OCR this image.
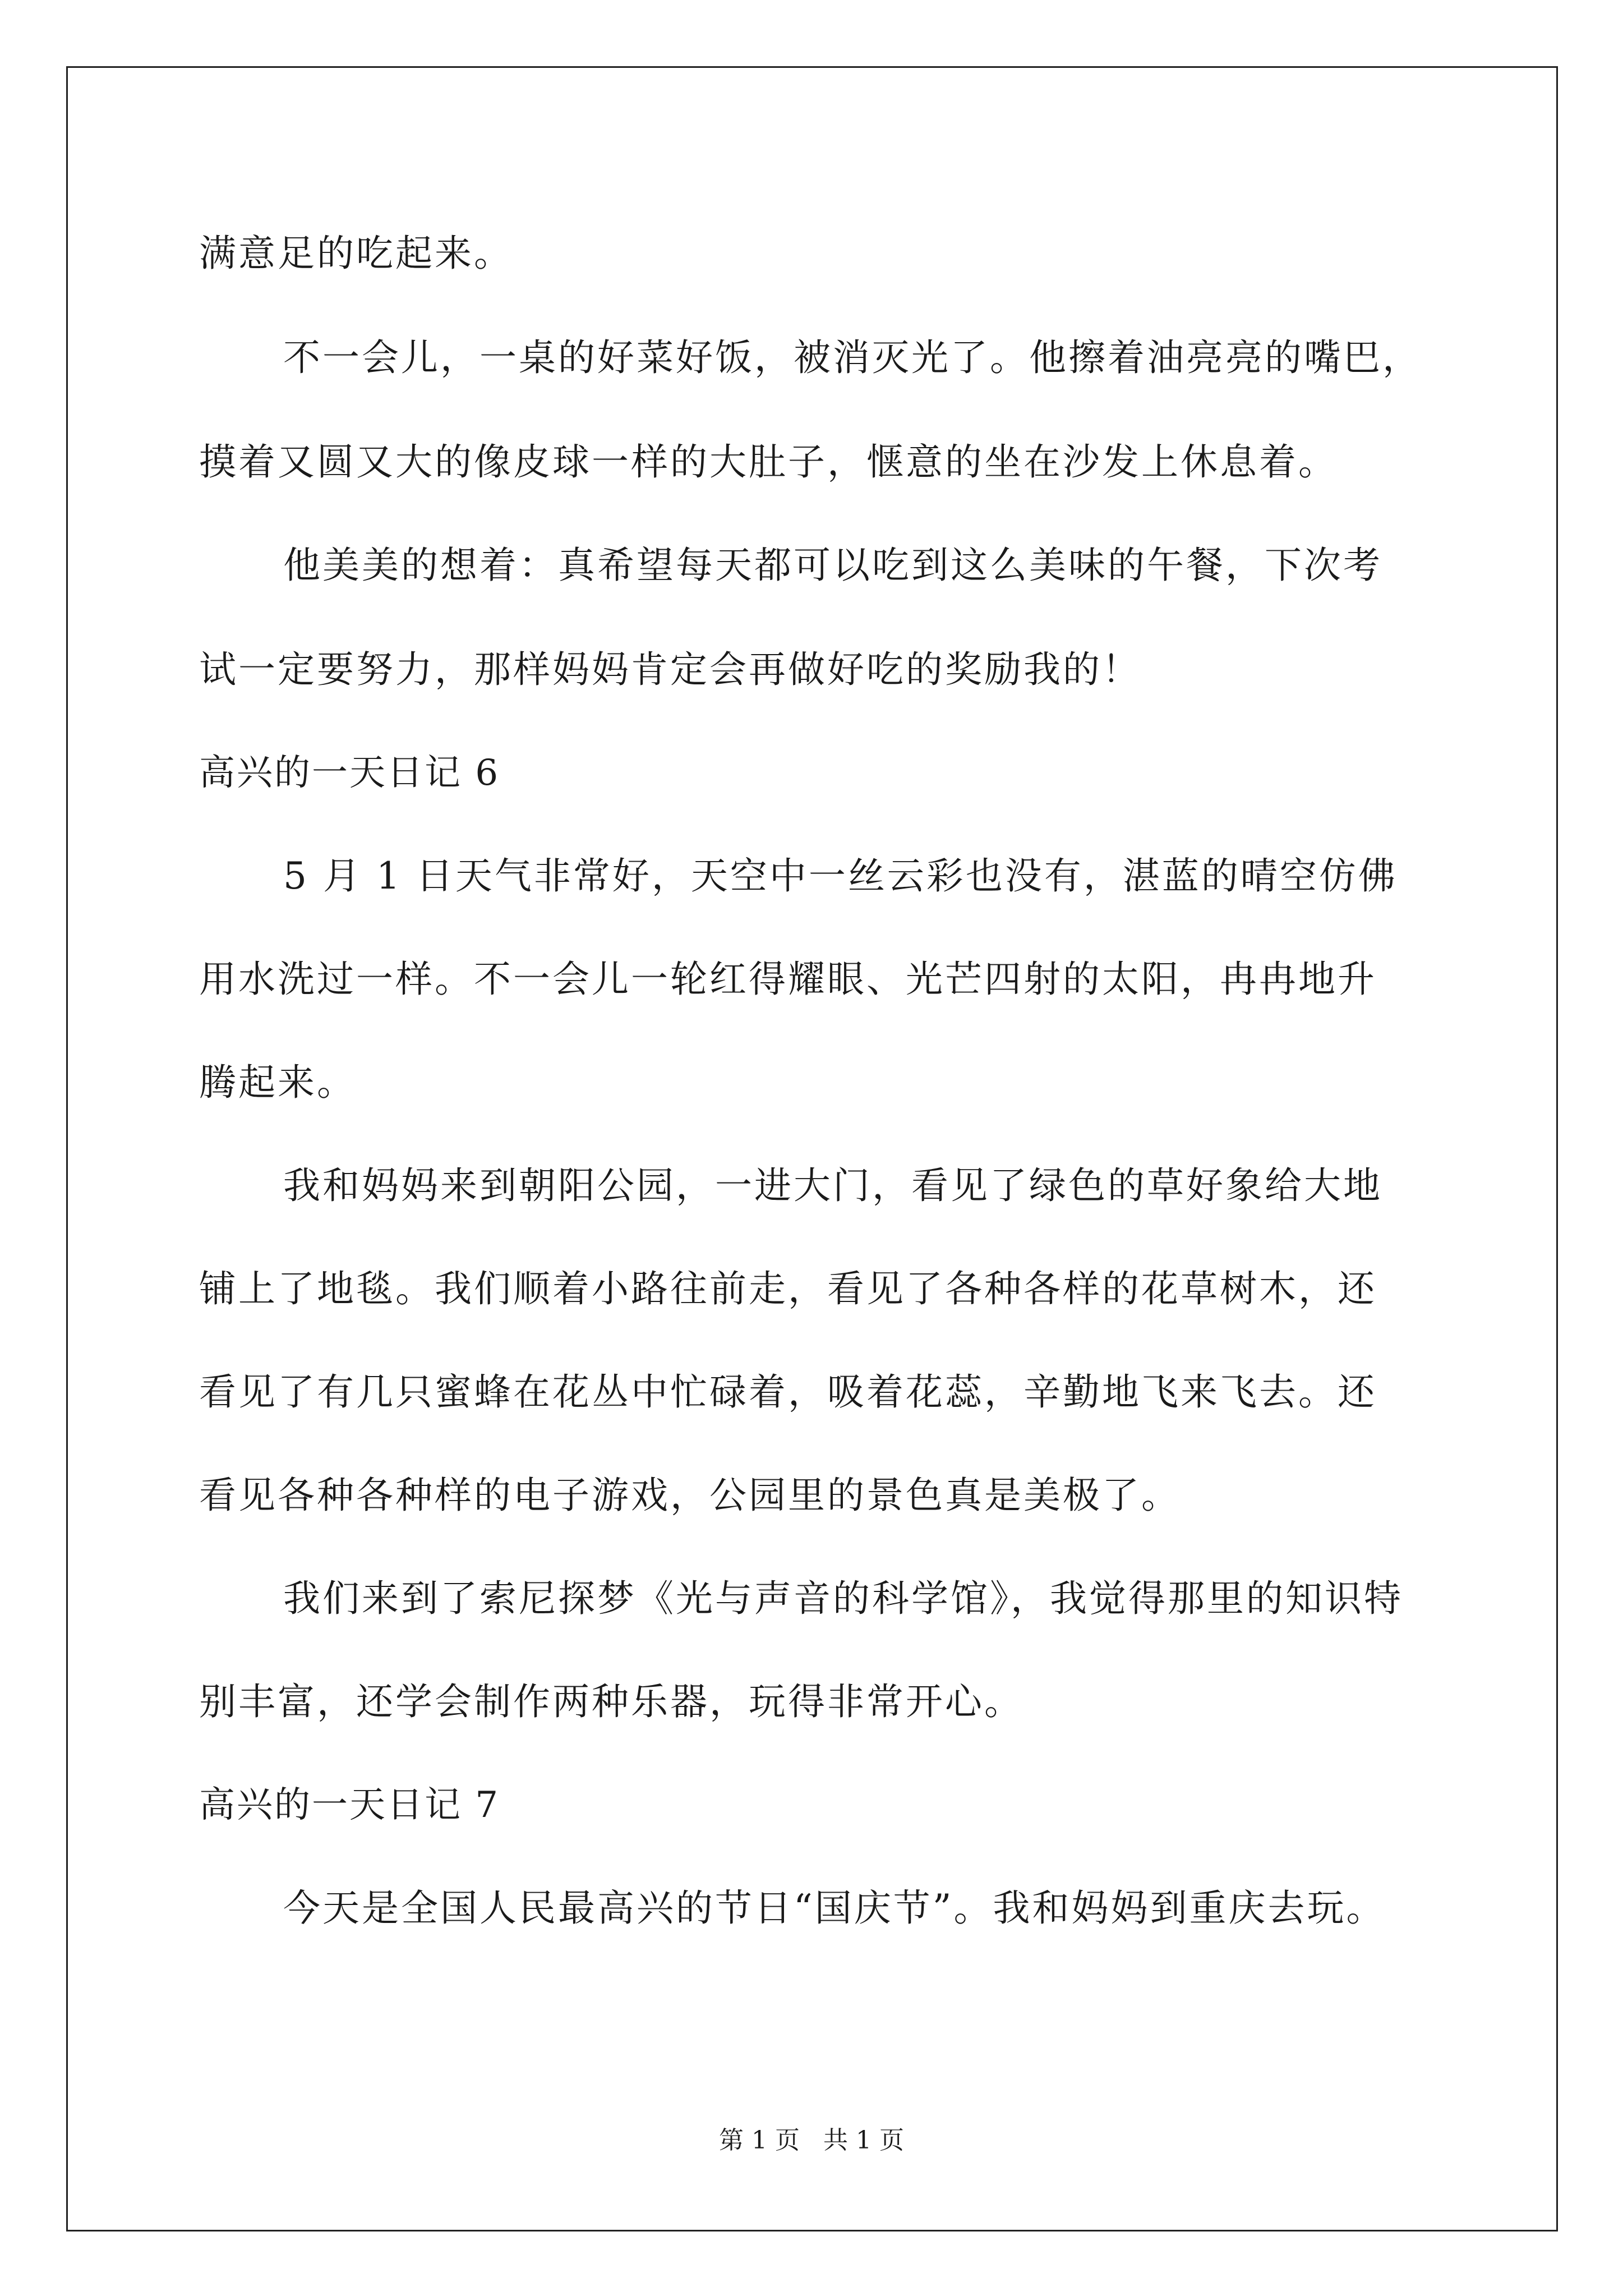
满意足的吃起来。
不一会儿，一桌的好菜好饭，被消灭光了。他擦着油亮亮的嘴巴，
摸着又圆又大的像皮球一样的大肚子，惬意的坐在沙发上休息着。
他美美的想着：真希望每天都可以吃到这么美味的午餐，下次考
试一定要努力，那样妈妈肯定会再做好吃的奖励我的！
高兴的一天日记 6
5 月 1 日天气非常好，天空中一丝云彩也没有，湛蓝的晴空仿佛
用水洗过一样。不一会儿一轮红得耀眼、光芒四射的太阳，冉冉地升
腾起来。
我和妈妈来到朝阳公园，一进大门，看见了绿色的草好象给大地
铺上了地毯。我们顺着小路往前走，看见了各种各样的花草树木，还
看见了有几只蜜蜂在花丛中忙碌着，吸着花蕊，辛勤地飞来飞去。还
看见各种各种样的电子游戏，公园里的景色真是美极了。
我们来到了索尼探梦《光与声音的科学馆》，我觉得那里的知识特
别丰富，还学会制作两种乐器，玩得非常开心。
高兴的一天日记 7
今天是全国人民最高兴的节日“国庆节”。我和妈妈到重庆去玩。
第 1 页 共 1 页
